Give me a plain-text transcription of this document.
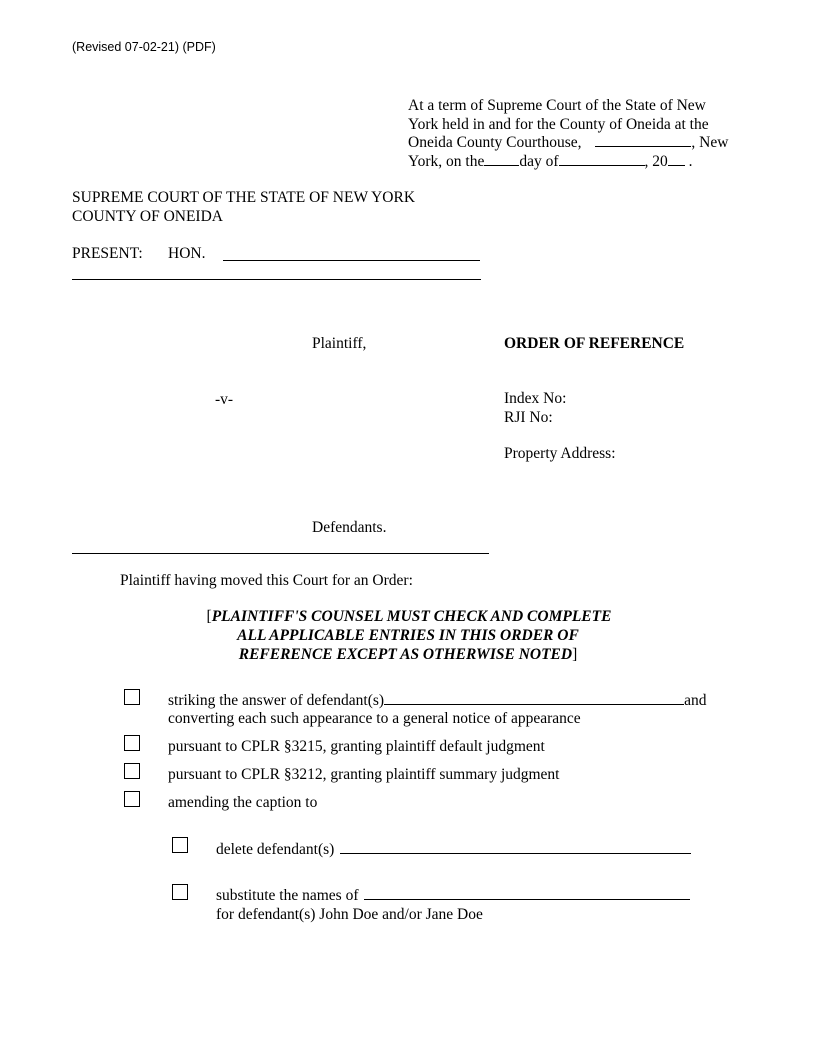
(Revised 07-02-21) (PDF)
At a term of Supreme Court of the State of New
York held in and for the County of Oneida at the
Oneida County Courthouse,	, New
York, on the day of	, 20 .
SUPREME COURT OF THE STATE OF NEW YORK
COUNTY OF ONEIDA
PRESENT: HON.
Plaintiff,	ORDER OF REFERENCE
-v-	Index No:
RJI No:
Property Address:
Defendants.
Plaintiff having moved this Court for an Order:
[PLAINTIFF'S COUNSEL MUST CHECK AND COMPLETE
ALL APPLICABLE ENTRIES IN THIS ORDER OF
REFERENCE EXCEPT AS OTHERWISE NOTED]
striking the answer of defendant(s)	and
converting each such appearance to a general notice of appearance
pursuant to CPLR §3215, granting plaintiff default judgment
pursuant to CPLR §3212, granting plaintiff summary judgment
amending the caption to
delete defendant(s)
substitute the names of
for defendant(s) John Doe and/or Jane Doe
